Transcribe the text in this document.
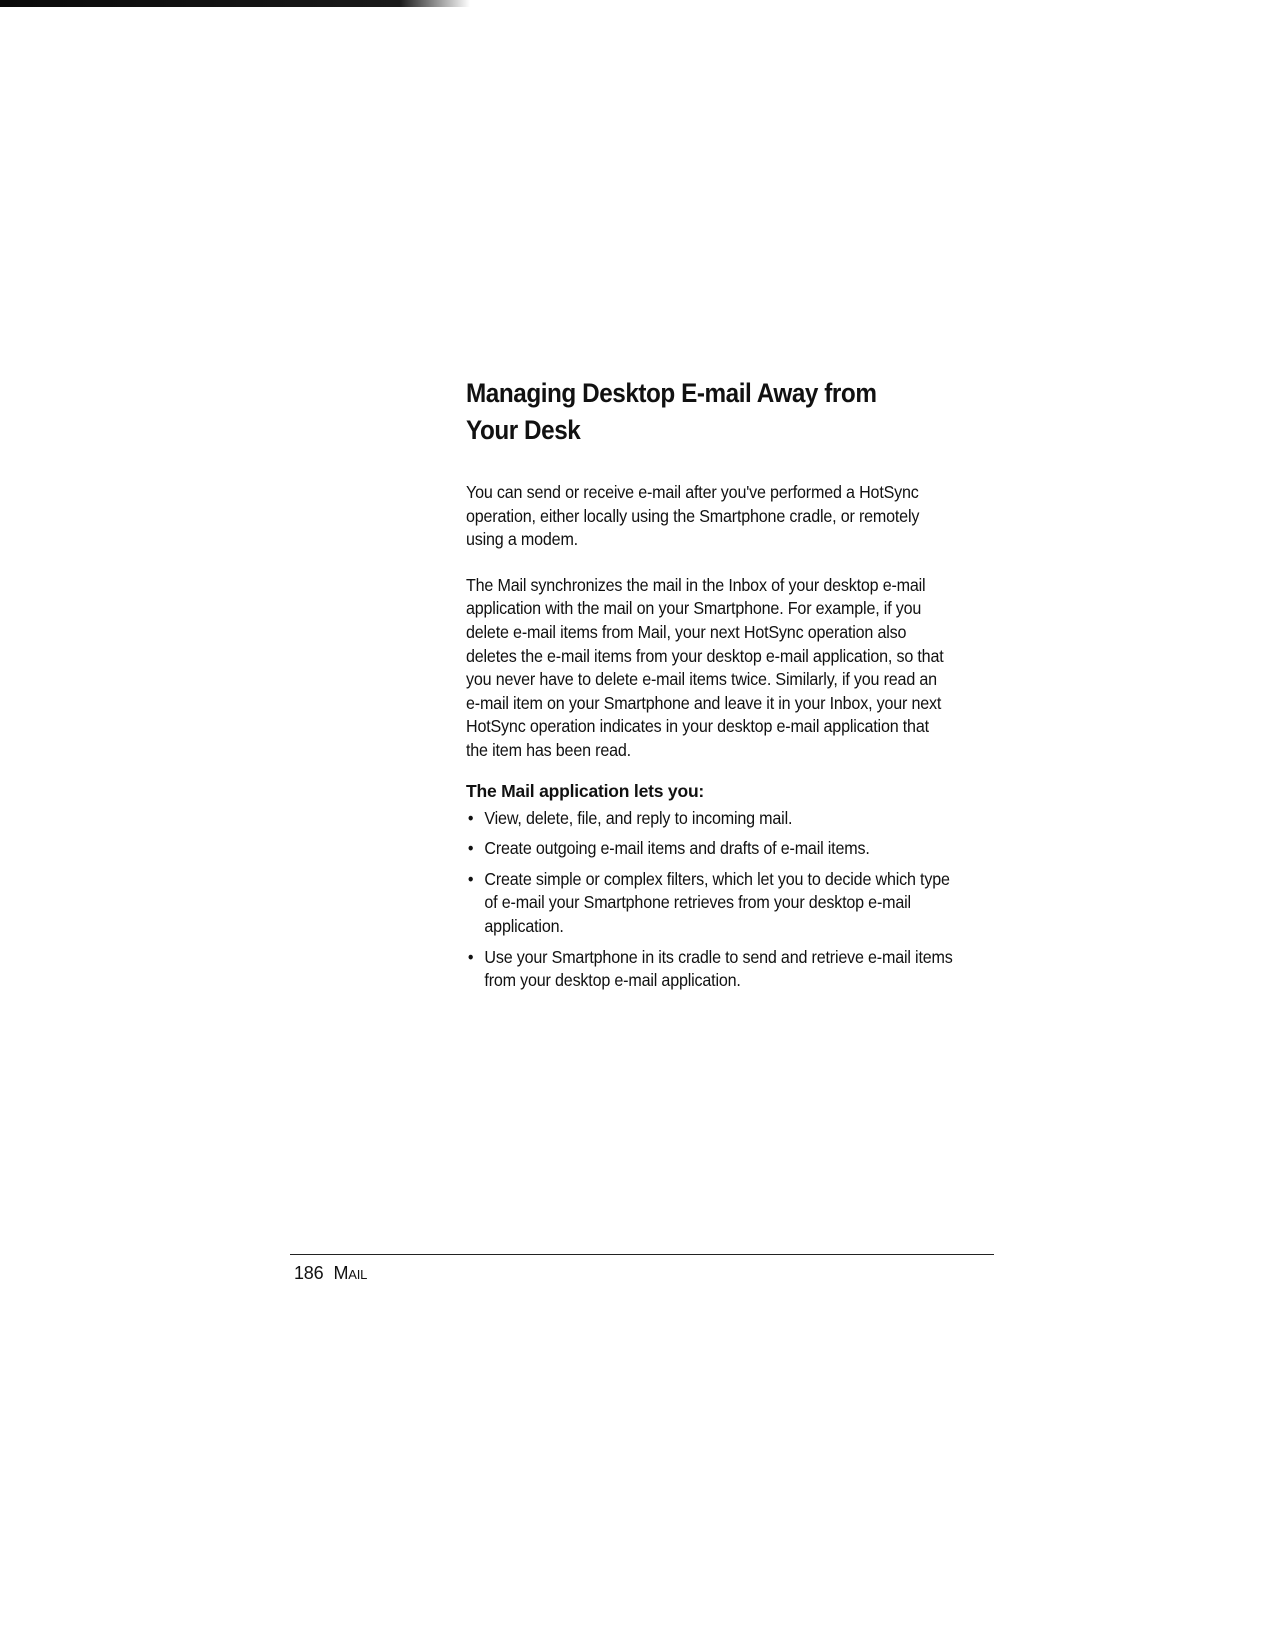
Managing Desktop E-mail Away from Your Desk

You can send or receive e-mail after you've performed a HotSync operation, either locally using the Smartphone cradle, or remotely using a modem.

The Mail synchronizes the mail in the Inbox of your desktop e-mail application with the mail on your Smartphone. For example, if you delete e-mail items from Mail, your next HotSync operation also deletes the e-mail items from your desktop e-mail application, so that you never have to delete e-mail items twice. Similarly, if you read an e-mail item on your Smartphone and leave it in your Inbox, your next HotSync operation indicates in your desktop e-mail application that the item has been read.

The Mail application lets you:
• View, delete, file, and reply to incoming mail.
• Create outgoing e-mail items and drafts of e-mail items.
• Create simple or complex filters, which let you to decide which type of e-mail your Smartphone retrieves from your desktop e-mail application.
• Use your Smartphone in its cradle to send and retrieve e-mail items from your desktop e-mail application.
186 Mail
